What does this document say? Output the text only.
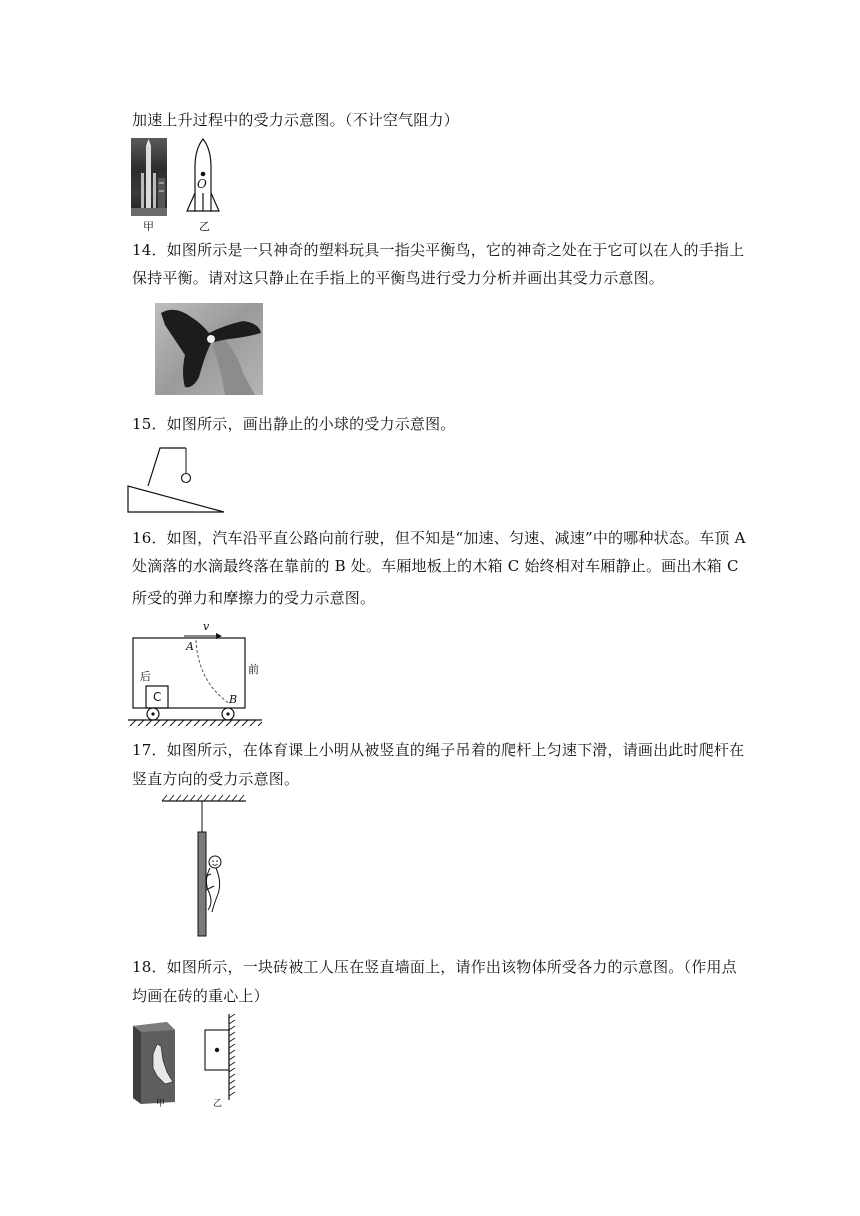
加速上升过程中的受力示意图。（不计空气阻力）
甲
O
乙
14．如图所示是一只神奇的塑料玩具一指尖平衡鸟，它的神奇之处在于它可以在人的手指上
保持平衡。请对这只静止在手指上的平衡鸟进行受力分析并画出其受力示意图。
15．如图所示，画出静止的小球的受力示意图。
16．如图，汽车沿平直公路向前行驶，但不知是“加速、匀速、减速”中的哪种状态。车顶 A
处滴落的水滴最终落在靠前的 B 处。车厢地板上的木箱 C 始终相对车厢静止。画出木箱 C
所受的弹力和摩擦力的受力示意图。
v
A
B
C
前
后
17．如图所示，在体育课上小明从被竖直的绳子吊着的爬杆上匀速下滑，请画出此时爬杆在
竖直方向的受力示意图。
18．如图所示，一块砖被工人压在竖直墙面上，请作出该物体所受各力的示意图。（作用点
均画在砖的重心上）
甲	乙
